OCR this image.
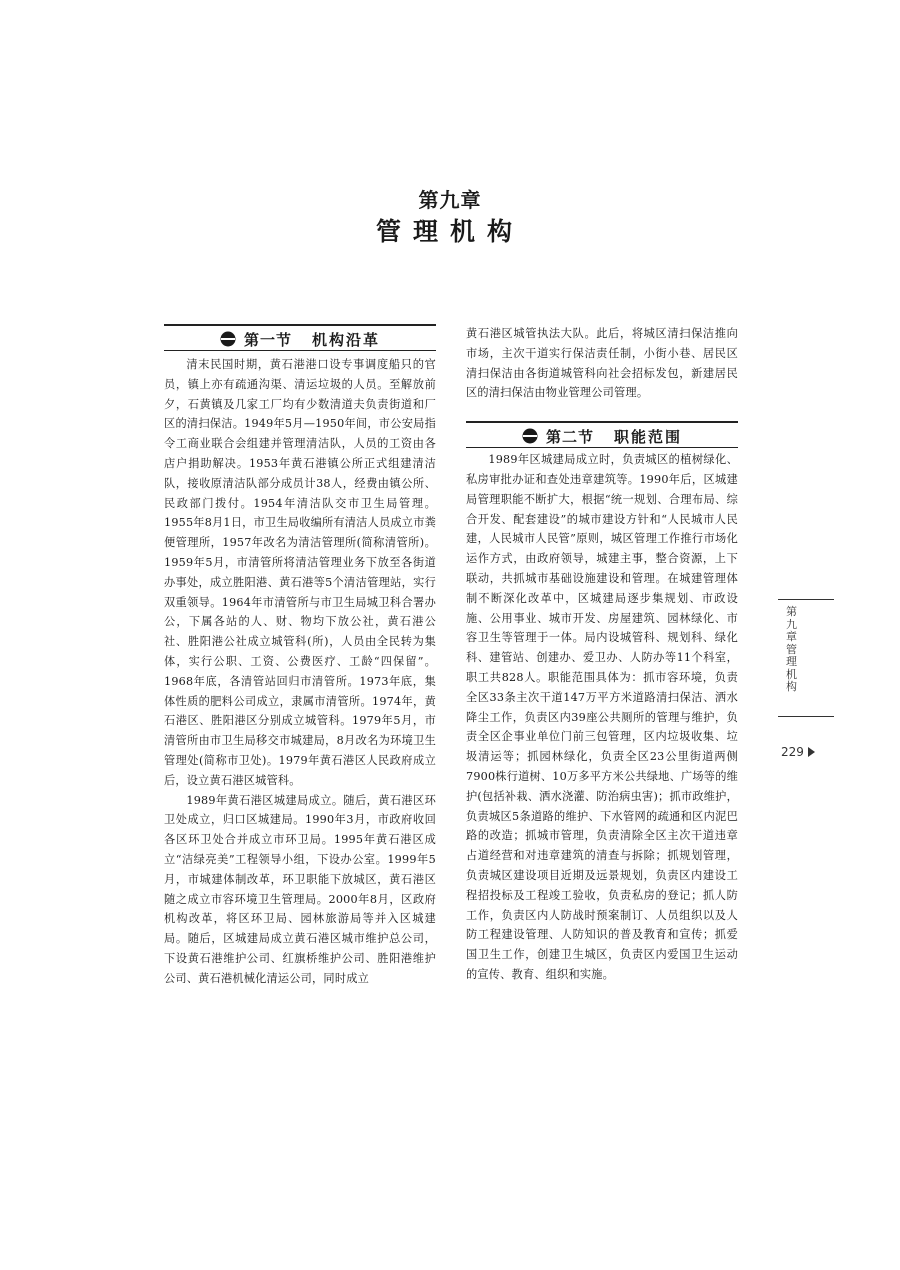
第九章
管理机构
第一节 机构沿革

清末民国时期，黄石港港口设专事调度船只的官员，镇上亦有疏通沟渠、清运垃圾的人员。至解放前夕，石黄镇及几家工厂均有少数清道夫负责街道和厂区的清扫保洁。1949年5月—1950年间，市公安局指令工商业联合会组建并管理清洁队，人员的工资由各店户捐助解决。1953年黄石港镇公所正式组建清洁队，接收原清洁队部分成员计38人，经费由镇公所、民政部门拨付。1954年清洁队交市卫生局管理。1955年8月1日，市卫生局收编所有清洁人员成立市粪便管理所，1957年改名为清洁管理所(简称清管所)。1959年5月，市清管所将清洁管理业务下放至各街道办事处，成立胜阳港、黄石港等5个清洁管理站，实行双重领导。1964年市清管所与市卫生局城卫科合署办公，下属各站的人、财、物均下放公社，黄石港公社、胜阳港公社成立城管科(所)，人员由全民转为集体，实行公职、工资、公费医疗、工龄“四保留”。1968年底，各清管站回归市清管所。1973年底，集体性质的肥料公司成立，隶属市清管所。1974年，黄石港区、胜阳港区分别成立城管科。1979年5月，市清管所由市卫生局移交市城建局，8月改名为环境卫生管理处(简称市卫处)。1979年黄石港区人民政府成立后，设立黄石港区城管科。

1989年黄石港区城建局成立。随后，黄石港区环卫处成立，归口区城建局。1990年3月，市政府收回各区环卫处合并成立市环卫局。1995年黄石港区成立“洁绿亮美”工程领导小组，下设办公室。1999年5月，市城建体制改革，环卫职能下放城区，黄石港区随之成立市容环境卫生管理局。2000年8月，区政府机构改革，将区环卫局、园林旅游局等并入区城建局。随后，区城建局成立黄石港区城市维护总公司，下设黄石港维护公司、红旗桥维护公司、胜阳港维护公司、黄石港机械化清运公司，同时成立

黄石港区城管执法大队。此后，将城区清扫保洁推向市场，主次干道实行保洁责任制，小街小巷、居民区清扫保洁由各街道城管科向社会招标发包，新建居民区的清扫保洁由物业管理公司管理。

第二节 职能范围

1989年区城建局成立时，负责城区的植树绿化、私房审批办证和查处违章建筑等。1990年后，区城建局管理职能不断扩大，根据“统一规划、合理布局、综合开发、配套建设”的城市建设方针和“人民城市人民建，人民城市人民管”原则，城区管理工作推行市场化运作方式，由政府领导，城建主事，整合资源，上下联动，共抓城市基础设施建设和管理。在城建管理体制不断深化改革中，区城建局逐步集规划、市政设施、公用事业、城市开发、房屋建筑、园林绿化、市容卫生等管理于一体。局内设城管科、规划科、绿化科、建管站、创建办、爱卫办、人防办等11个科室，职工共828人。职能范围具体为：抓市容环境，负责全区33条主次干道147万平方米道路清扫保洁、洒水降尘工作，负责区内39座公共厕所的管理与维护，负责全区企事业单位门前三包管理，区内垃圾收集、垃圾清运等；抓园林绿化，负责全区23公里街道两侧7900株行道树、10万多平方米公共绿地、广场等的维护(包括补栽、洒水浇灌、防治病虫害)；抓市政维护，负责城区5条道路的维护、下水管网的疏通和区内泥巴路的改造；抓城市管理，负责清除全区主次干道违章占道经营和对违章建筑的清查与拆除；抓规划管理，负责城区建设项目近期及远景规划，负责区内建设工程招投标及工程竣工验收，负责私房的登记；抓人防工作，负责区内人防战时预案制订、人员组织以及人防工程建设管理、人防知识的普及教育和宣传；抓爱国卫生工作，创建卫生城区，负责区内爱国卫生运动的宣传、教育、组织和实施。

第九章 管理机构
229
